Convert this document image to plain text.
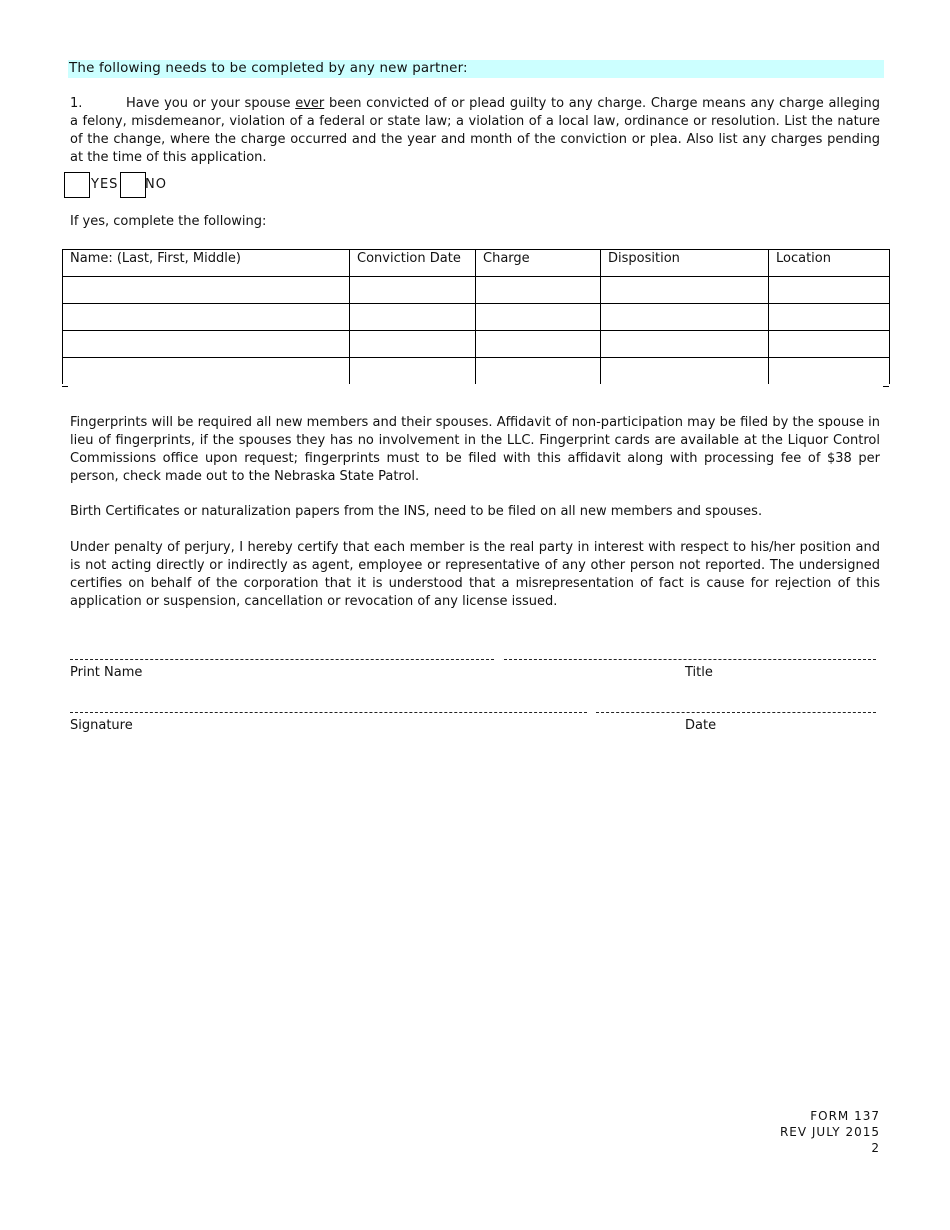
The following needs to be completed by any new partner:
1.	Have you or your spouse ever been convicted of or plead guilty to any charge. Charge means any charge alleging a felony, misdemeanor, violation of a federal or state law; a violation of a local law, ordinance or resolution. List the nature of the change, where the charge occurred and the year and month of the conviction or plea. Also list any charges pending at the time of this application.
YES NO
If yes, complete the following:
Name: (Last, First, Middle)	Conviction Date	Charge	Disposition	Location

Fingerprints will be required all new members and their spouses. Affidavit of non-participation may be filed by the spouse in lieu of fingerprints, if the spouses they has no involvement in the LLC. Fingerprint cards are available at the Liquor Control Commissions office upon request; fingerprints must to be filed with this affidavit along with processing fee of $38 per person, check made out to the Nebraska State Patrol.
Birth Certificates or naturalization papers from the INS, need to be filed on all new members and spouses.
Under penalty of perjury, I hereby certify that each member is the real party in interest with respect to his/her position and is not acting directly or indirectly as agent, employee or representative of any other person not reported. The undersigned certifies on behalf of the corporation that it is understood that a misrepresentation of fact is cause for rejection of this application or suspension, cancellation or revocation of any license issued.
Print Name	Title
Signature	Date
FORM 137
REV JULY 2015
2
